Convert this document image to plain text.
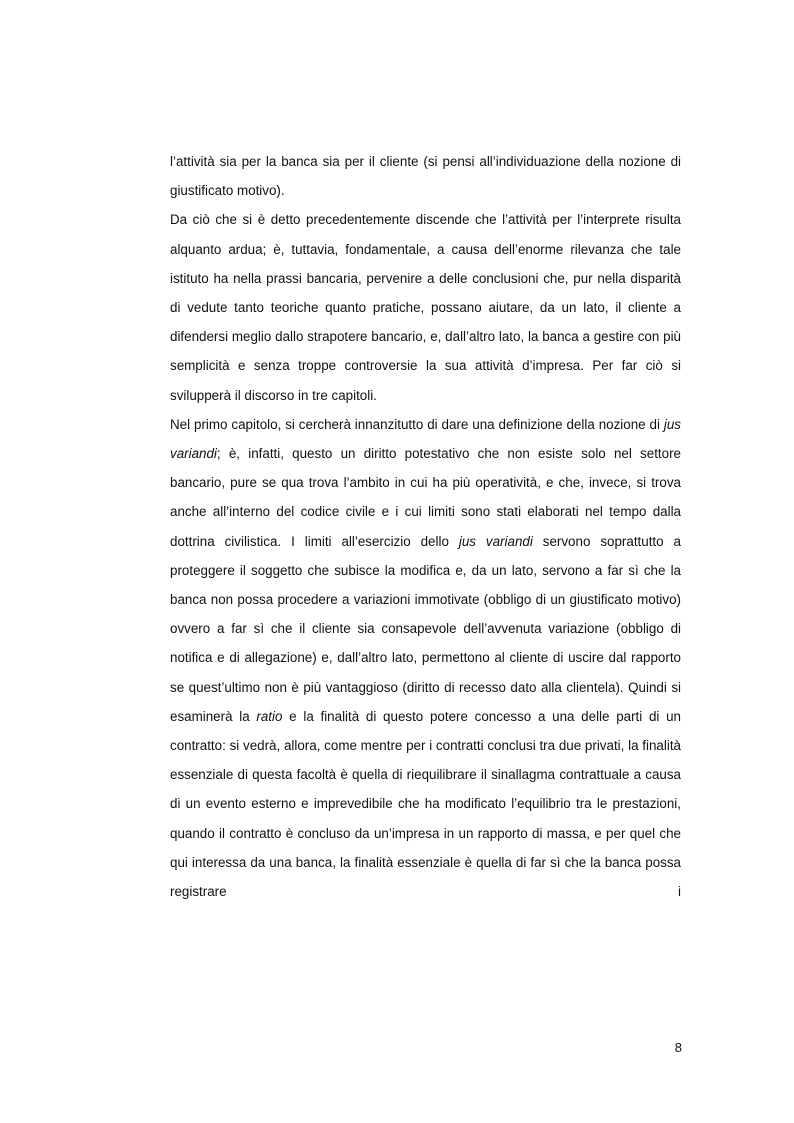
l’attività sia per la banca sia per il cliente (si pensi all’individuazione della nozione di giustificato motivo).

Da ciò che si è detto precedentemente discende che l’attività per l’interprete risulta alquanto ardua; è, tuttavia, fondamentale, a causa dell’enorme rilevanza che tale istituto ha nella prassi bancaria, pervenire a delle conclusioni che, pur nella disparità di vedute tanto teoriche quanto pratiche, possano aiutare, da un lato, il cliente a difendersi meglio dallo strapotere bancario, e, dall’altro lato, la banca a gestire con più semplicità e senza troppe controversie la sua attività d’impresa. Per far ciò si svilupperà il discorso in tre capitoli.

Nel primo capitolo, si cercherà innanzitutto di dare una definizione della nozione di jus variandi; è, infatti, questo un diritto potestativo che non esiste solo nel settore bancario, pure se qua trova l’ambito in cui ha più operatività, e che, invece, si trova anche all’interno del codice civile e i cui limiti sono stati elaborati nel tempo dalla dottrina civilistica. I limiti all’esercizio dello jus variandi servono soprattutto a proteggere il soggetto che subisce la modifica e, da un lato, servono a far sì che la banca non possa procedere a variazioni immotivate (obbligo di un giustificato motivo) ovvero a far sì che il cliente sia consapevole dell’avvenuta variazione (obbligo di notifica e di allegazione) e, dall’altro lato, permettono al cliente di uscire dal rapporto se quest’ultimo non è più vantaggioso (diritto di recesso dato alla clientela). Quindi si esaminerà la ratio e la finalità di questo potere concesso a una delle parti di un contratto: si vedrà, allora, come mentre per i contratti conclusi tra due privati, la finalità essenziale di questa facoltà è quella di riequilibrare il sinallagma contrattuale a causa di un evento esterno e imprevedibile che ha modificato l’equilibrio tra le prestazioni, quando il contratto è concluso da un’impresa in un rapporto di massa, e per quel che qui interessa da una banca, la finalità essenziale è quella di far sì che la banca possa registrare i

8
